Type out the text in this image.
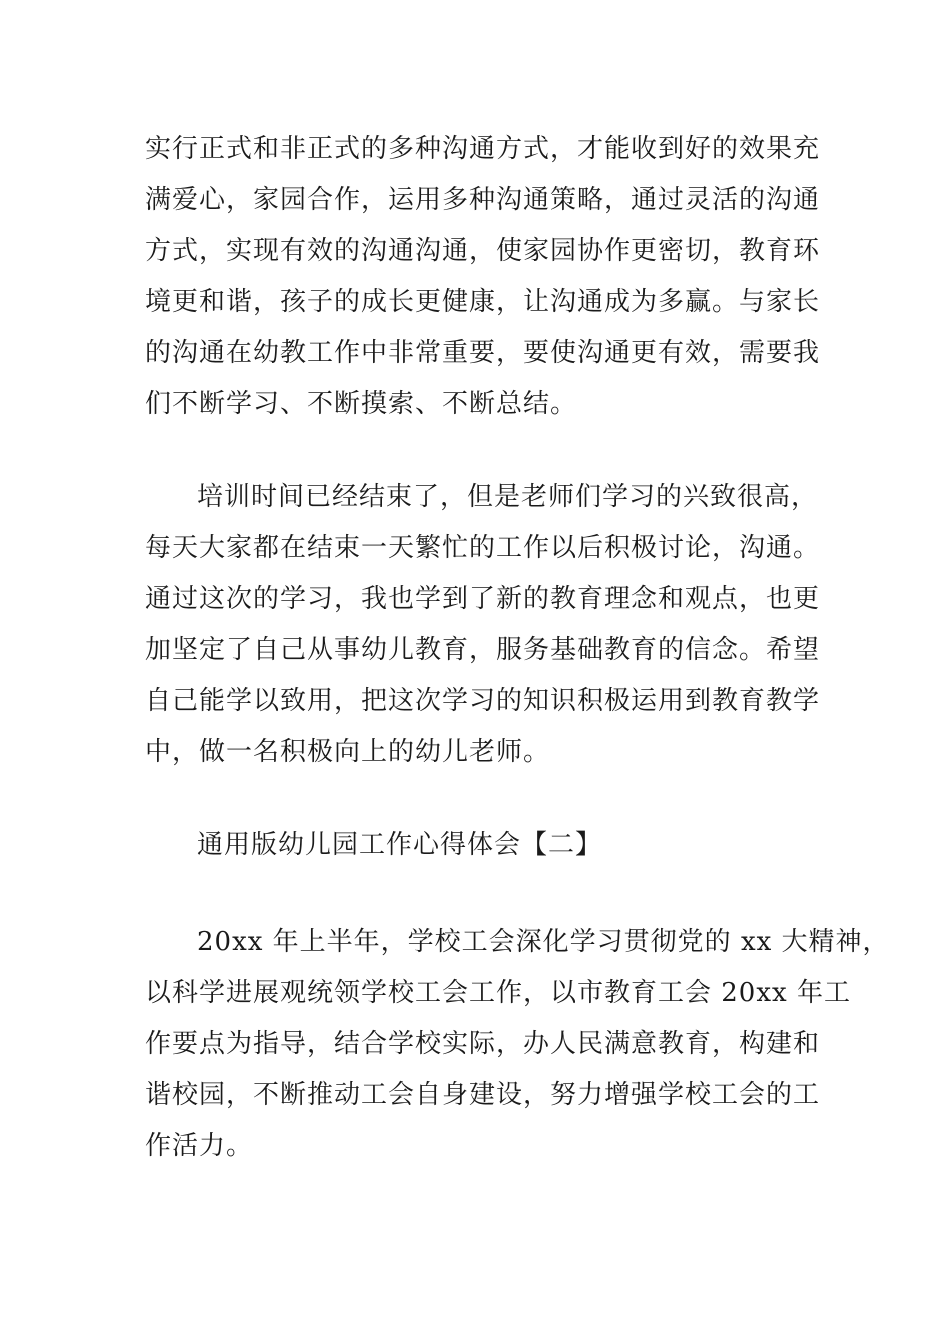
实行正式和非正式的多种沟通方式，才能收到好的效果充
满爱心，家园合作，运用多种沟通策略，通过灵活的沟通
方式，实现有效的沟通沟通，使家园协作更密切，教育环
境更和谐，孩子的成长更健康，让沟通成为多赢。与家长
的沟通在幼教工作中非常重要，要使沟通更有效，需要我
们不断学习、不断摸索、不断总结。
培训时间已经结束了，但是老师们学习的兴致很高，
每天大家都在结束一天繁忙的工作以后积极讨论，沟通。
通过这次的学习，我也学到了新的教育理念和观点，也更
加坚定了自己从事幼儿教育，服务基础教育的信念。希望
自己能学以致用，把这次学习的知识积极运用到教育教学
中，做一名积极向上的幼儿老师。
通用版幼儿园工作心得体会【二】
20xx 年上半年，学校工会深化学习贯彻党的 xx 大精神，
以科学进展观统领学校工会工作，以市教育工会 20xx 年工
作要点为指导，结合学校实际，办人民满意教育，构建和
谐校园，不断推动工会自身建设，努力增强学校工会的工
作活力。
